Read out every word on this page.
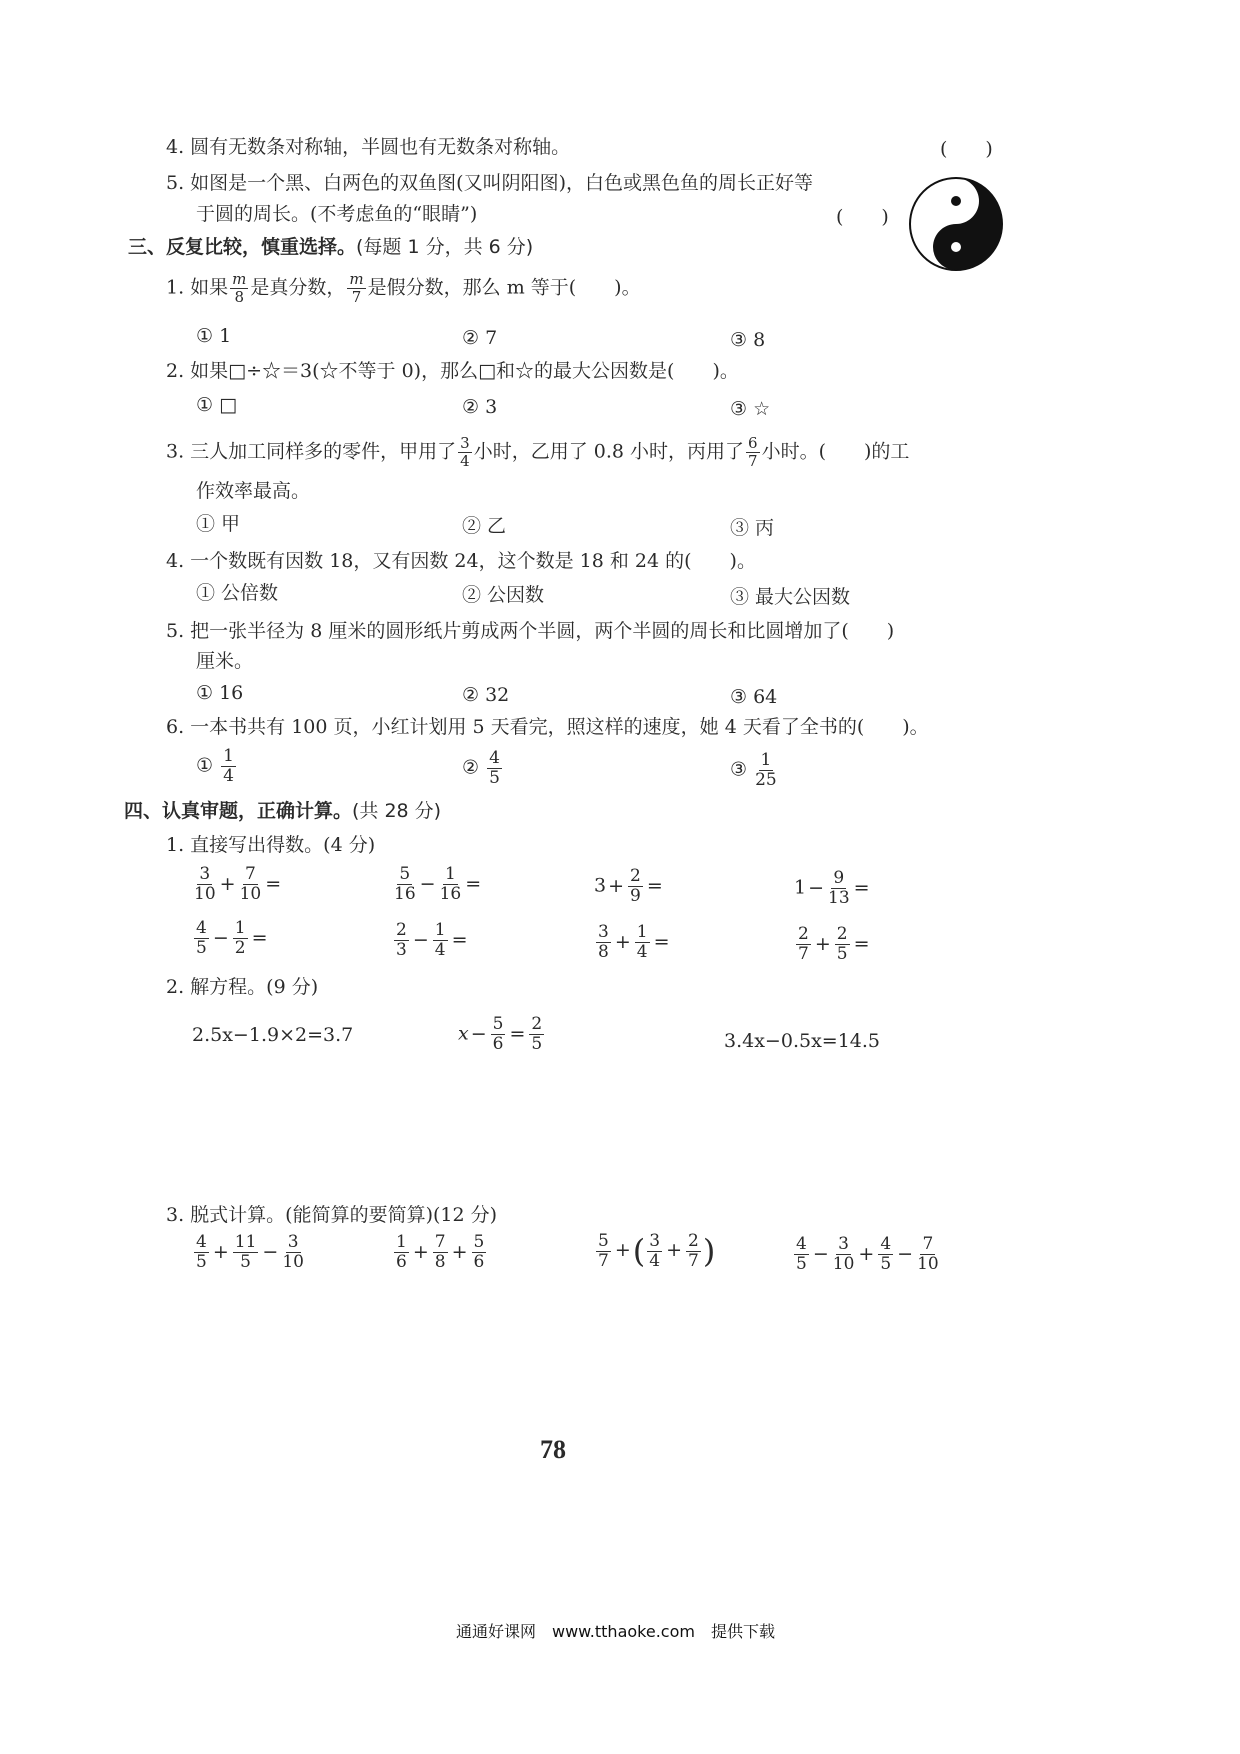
4. 圆有无数条对称轴，半圆也有无数条对称轴。	(　　)
5. 如图是一个黑、白两色的双鱼图(又叫阴阳图)，白色或黑色鱼的周长正好等
于圆的周长。(不考虑鱼的“眼睛”)	(　　)
三、反复比较，慎重选择。(每题 1 分，共 6 分)
1. 如果 $\frac{m}{8}$ 是真分数， $\frac{m}{7}$ 是假分数，那么 m 等于(　　)。
① 1	② 7	③ 8
2. 如果□÷☆＝3(☆不等于 0)，那么□和☆的最大公因数是(　　)。
① □	② 3	③ ☆
3. 三人加工同样多的零件，甲用了 $\frac{3}{4}$ 小时，乙用了 0.8 小时，丙用了 $\frac{6}{7}$ 小时。(　　)的工
作效率最高。
① 甲	② 乙	③ 丙
4. 一个数既有因数 18，又有因数 24，这个数是 18 和 24 的(　　)。
① 公倍数	② 公因数	③ 最大公因数
5. 把一张半径为 8 厘米的圆形纸片剪成两个半圆，两个半圆的周长和比圆增加了(　　)
厘米。
① 16	② 32	③ 64
6. 一本书共有 100 页，小红计划用 5 天看完，照这样的速度，她 4 天看了全书的(　　)。
① $\frac{1}{4}$	② $\frac{4}{5}$	③ $\frac{1}{25}$
四、认真审题，正确计算。(共 28 分)
1. 直接写出得数。(4 分)
$\frac{3}{10} + \frac{7}{10}$ =	$\frac{5}{16} - \frac{1}{16}$ =	$3 + \frac{2}{9}$ =	$1 - \frac{9}{13}$ =
$\frac{4}{5} - \frac{1}{2}$ =	$\frac{2}{3} - \frac{1}{4}$ =	$\frac{3}{8} + \frac{1}{4}$ =	$\frac{2}{7} + \frac{2}{5}$ =
2. 解方程。(9 分)
2.5x−1.9×2=3.7	$x - \frac{5}{6} = \frac{2}{5}$	3.4x−0.5x=14.5
3. 脱式计算。(能简算的要简算)(12 分)
$\frac{4}{5} + \frac{11}{5} - \frac{3}{10}$	$\frac{1}{6} + \frac{7}{8} + \frac{5}{6}$	$\frac{5}{7}$ +( $\frac{3}{4} + \frac{2}{7}$ )	$\frac{4}{5} - \frac{3}{10} + \frac{4}{5} - \frac{7}{10}$
78
通通好课网　www.tthaoke.com　提供下载
